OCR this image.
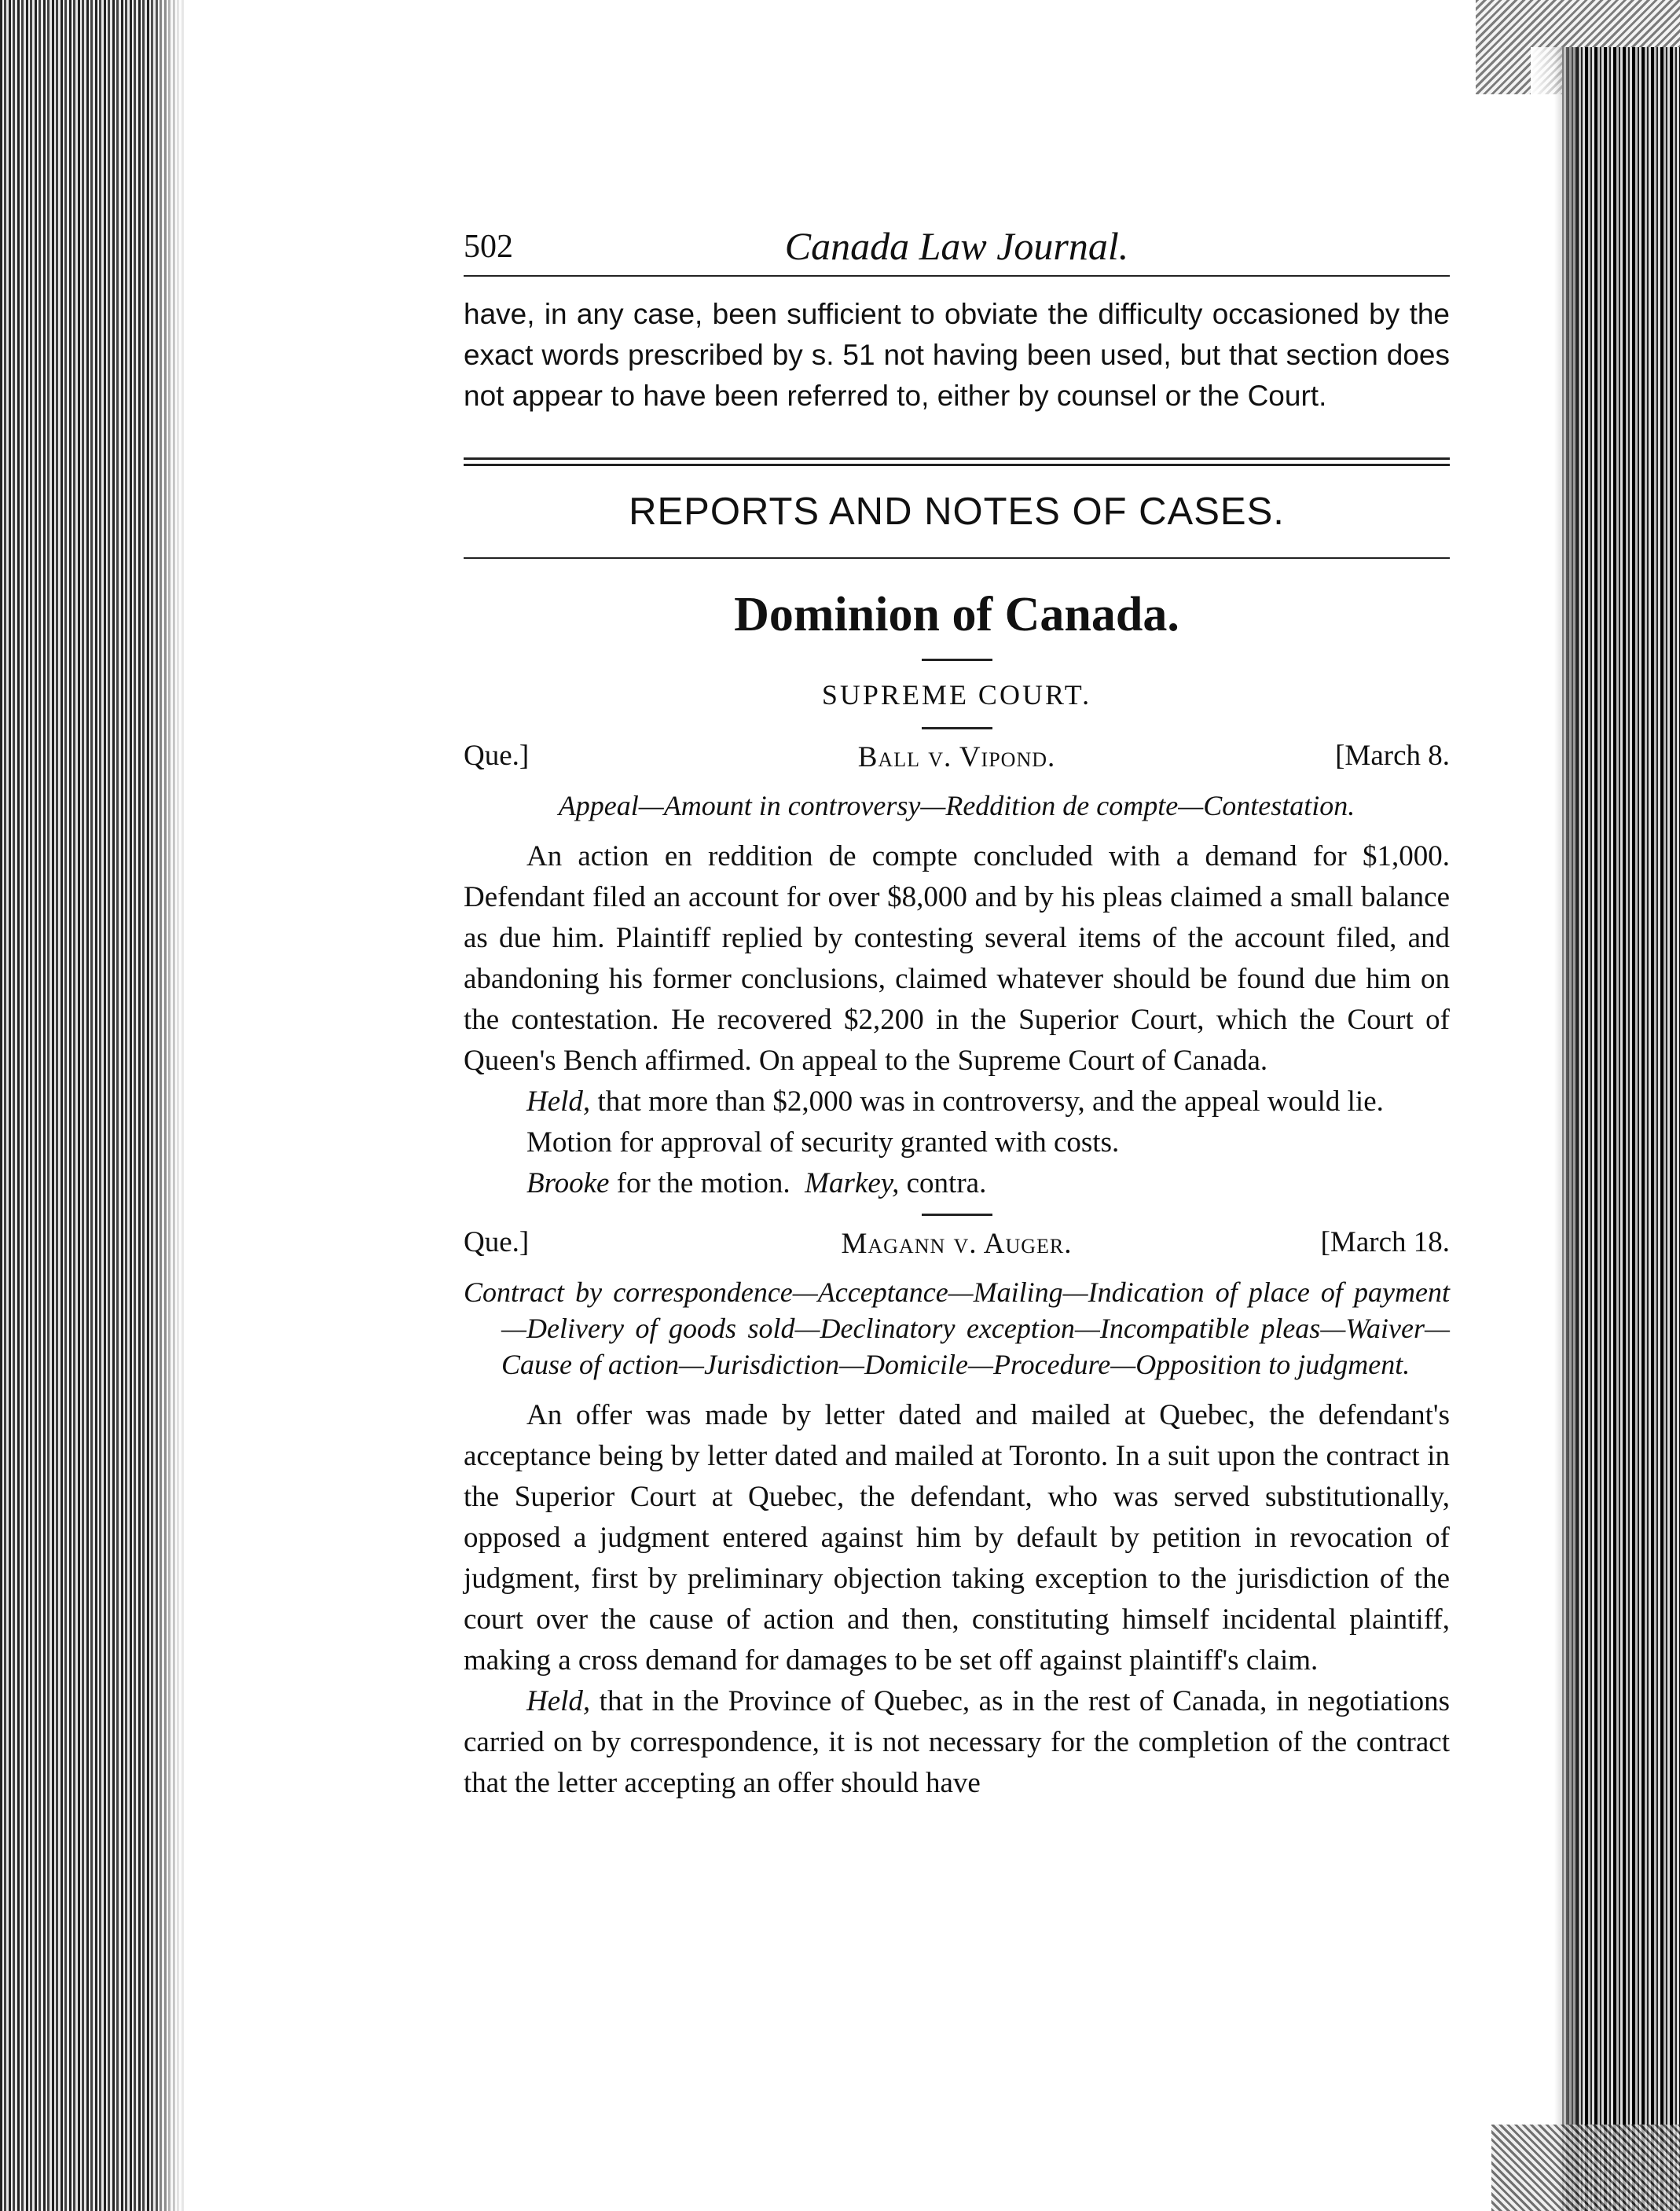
502	Canada Law Journal.

have, in any case, been sufficient to obviate the difficulty occasioned by the exact words prescribed by s. 51 not having been used, but that section does not appear to have been referred to, either by counsel or the Court.

REPORTS AND NOTES OF CASES.
Dominion of Canada.
SUPREME COURT.
Que.]	Ball v. Vipond.	[March 8.
Appeal—Amount in controversy—Reddition de compte—Contestation.

An action en reddition de compte concluded with a demand for $1,000. Defendant filed an account for over $8,000 and by his pleas claimed a small balance as due him. Plaintiff replied by contesting several items of the account filed, and abandoning his former conclusions, claimed whatever should be found due him on the contestation. He recovered $2,200 in the Superior Court, which the Court of Queen's Bench affirmed. On appeal to the Supreme Court of Canada.

Held, that more than $2,000 was in controversy, and the appeal would lie.

Motion for approval of security granted with costs.

Brooke for the motion. Markey, contra.

Que.]	Magann v. Auger.	[March 18.
Contract by correspondence—Acceptance—Mailing—Indication of place of payment—Delivery of goods sold—Declinatory exception—Incompatible pleas—Waiver—Cause of action—Jurisdiction—Domicile—Procedure—Opposition to judgment.

An offer was made by letter dated and mailed at Quebec, the defendant's acceptance being by letter dated and mailed at Toronto. In a suit upon the contract in the Superior Court at Quebec, the defendant, who was served substitutionally, opposed a judgment entered against him by default by petition in revocation of judgment, first by preliminary objection taking exception to the jurisdiction of the court over the cause of action and then, constituting himself incidental plaintiff, making a cross demand for damages to be set off against plaintiff's claim.

Held, that in the Province of Quebec, as in the rest of Canada, in negotiations carried on by correspondence, it is not necessary for the completion of the contract that the letter accepting an offer should have
